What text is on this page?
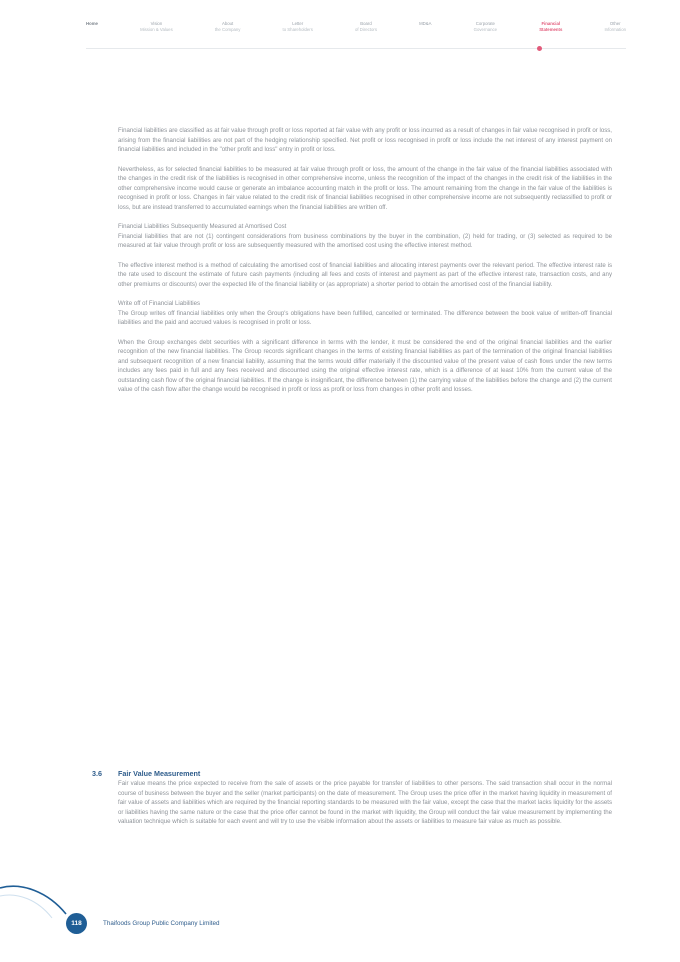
Home	Vision
Mission & Values
About
the Company
Letter
to Shareholders
Board
of Directors
MD&A	Corporate
Governance
Financial
Statements
Other
Information

Financial liabilities are classified as at fair value through profit or loss reported at fair value with any profit or loss incurred as a result of changes in fair value recognised in profit or loss, arising from the financial liabilities are not part of the hedging relationship specified. Net profit or loss recognised in profit or loss include the net interest of any interest payment on financial liabilities and included in the "other profit and loss" entry in profit or loss.

Nevertheless, as for selected financial liabilities to be measured at fair value through profit or loss, the amount of the change in the fair value of the financial liabilities associated with the changes in the credit risk of the liabilities is recognised in other comprehensive income, unless the recognition of the impact of the changes in the credit risk of the liabilities in the other comprehensive income would cause or generate an imbalance accounting match in the profit or loss. The amount remaining from the change in the fair value of the liabilities is recognised in profit or loss. Changes in fair value related to the credit risk of financial liabilities recognised in other comprehensive income are not subsequently reclassified to profit or loss, but are instead transferred to accumulated earnings when the financial liabilities are written off.

Financial Liabilities Subsequently Measured at Amortised Cost

Financial liabilities that are not (1) contingent considerations from business combinations by the buyer in the combination, (2) held for trading, or (3) selected as required to be measured at fair value through profit or loss are subsequently measured with the amortised cost using the effective interest method.

The effective interest method is a method of calculating the amortised cost of financial liabilities and allocating interest payments over the relevant period. The effective interest rate is the rate used to discount the estimate of future cash payments (including all fees and costs of interest and payment as part of the effective interest rate, transaction costs, and any other premiums or discounts) over the expected life of the financial liability or (as appropriate) a shorter period to obtain the amortised cost of the financial liability.

Write off of Financial Liabilities

The Group writes off financial liabilities only when the Group's obligations have been fulfilled, cancelled or terminated. The difference between the book value of written-off financial liabilities and the paid and accrued values is recognised in profit or loss.

When the Group exchanges debt securities with a significant difference in terms with the lender, it must be considered the end of the original financial liabilities and the earlier recognition of the new financial liabilities. The Group records significant changes in the terms of existing financial liabilities as part of the termination of the original financial liabilities and subsequent recognition of a new financial liability, assuming that the terms would differ materially if the discounted value of the present value of cash flows under the new terms includes any fees paid in full and any fees received and discounted using the original effective interest rate, which is a difference of at least 10% from the current value of the outstanding cash flow of the original financial liabilities. If the change is insignificant, the difference between (1) the carrying value of the liabilities before the change and (2) the current value of the cash flow after the change would be recognised in profit or loss as profit or loss from changes in other profit and losses.

3.6	Fair Value Measurement

Fair value means the price expected to receive from the sale of assets or the price payable for transfer of liabilities to other persons. The said transaction shall occur in the normal course of business between the buyer and the seller (market participants) on the date of measurement. The Group uses the price offer in the market having liquidity in measurement of fair value of assets and liabilities which are required by the financial reporting standards to be measured with the fair value, except the case that the market lacks liquidity for the assets or liabilities having the same nature or the case that the price offer cannot be found in the market with liquidity, the Group will conduct the fair value measurement by implementing the valuation technique which is suitable for each event and will try to use the visible information about the assets or liabilities to measure fair value as much as possible.

118	Thaifoods Group Public Company Limited
